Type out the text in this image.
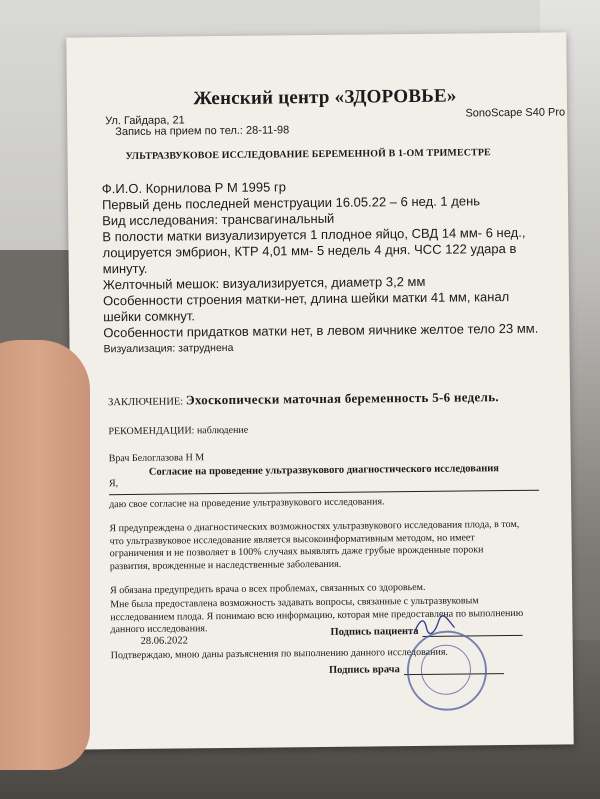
Женский центр «ЗДОРОВЬЕ»
Ул. Гайдара, 21
SonoScape S40 Pro
Запись на прием по тел.: 28-11-98
УЛЬТРАЗВУКОВОЕ ИССЛЕДОВАНИЕ БЕРЕМЕННОЙ В 1-ОМ ТРИМЕСТРЕ
Ф.И.О. Корнилова Р М 1995 гр
Первый день последней менструации 16.05.22 – 6 нед. 1 день
Вид исследования: трансвагинальный
В полости матки визуализируется 1 плодное яйцо, СВД 14 мм- 6 нед.,
лоцируется эмбрион, КТР 4,01 мм- 5 недель 4 дня. ЧСС 122 удара в
минуту.
Желточный мешок: визуализируется, диаметр 3,2 мм
Особенности строения матки-нет, длина шейки матки 41 мм, канал
шейки сомкнут.
Особенности придатков матки нет, в левом яичнике желтое тело 23 мм.
Визуализация: затруднена
ЗАКЛЮЧЕНИЕ: Эхоскопически маточная беременность 5-6 недель.
РЕКОМЕНДАЦИИ: наблюдение
Врач Белоглазова Н М
Согласие на проведение ультразвукового диагностического исследования
Я,
даю свое согласие на проведение ультразвукового исследования.
Я предупреждена о диагностических возможностях ультразвукового исследования плода, в том,
что ультразвуковое исследование является высокоинформативным методом, но имеет
ограничения и не позволяет в 100% случаях выявлять даже грубые врожденные пороки
развития, врожденные и наследственные заболевания.
Я обязана предупредить врача о всех проблемах, связанных со здоровьем.
Мне была предоставлена возможность задавать вопросы, связанные с ультразвуковым
исследованием плода. Я понимаю всю информацию, которая мне предоставлена по выполнению
данного исследования.
28.06.2022
Подпись пациента
Подтверждаю, мною даны разъяснения по выполнению данного исследования.
Подпись врача
